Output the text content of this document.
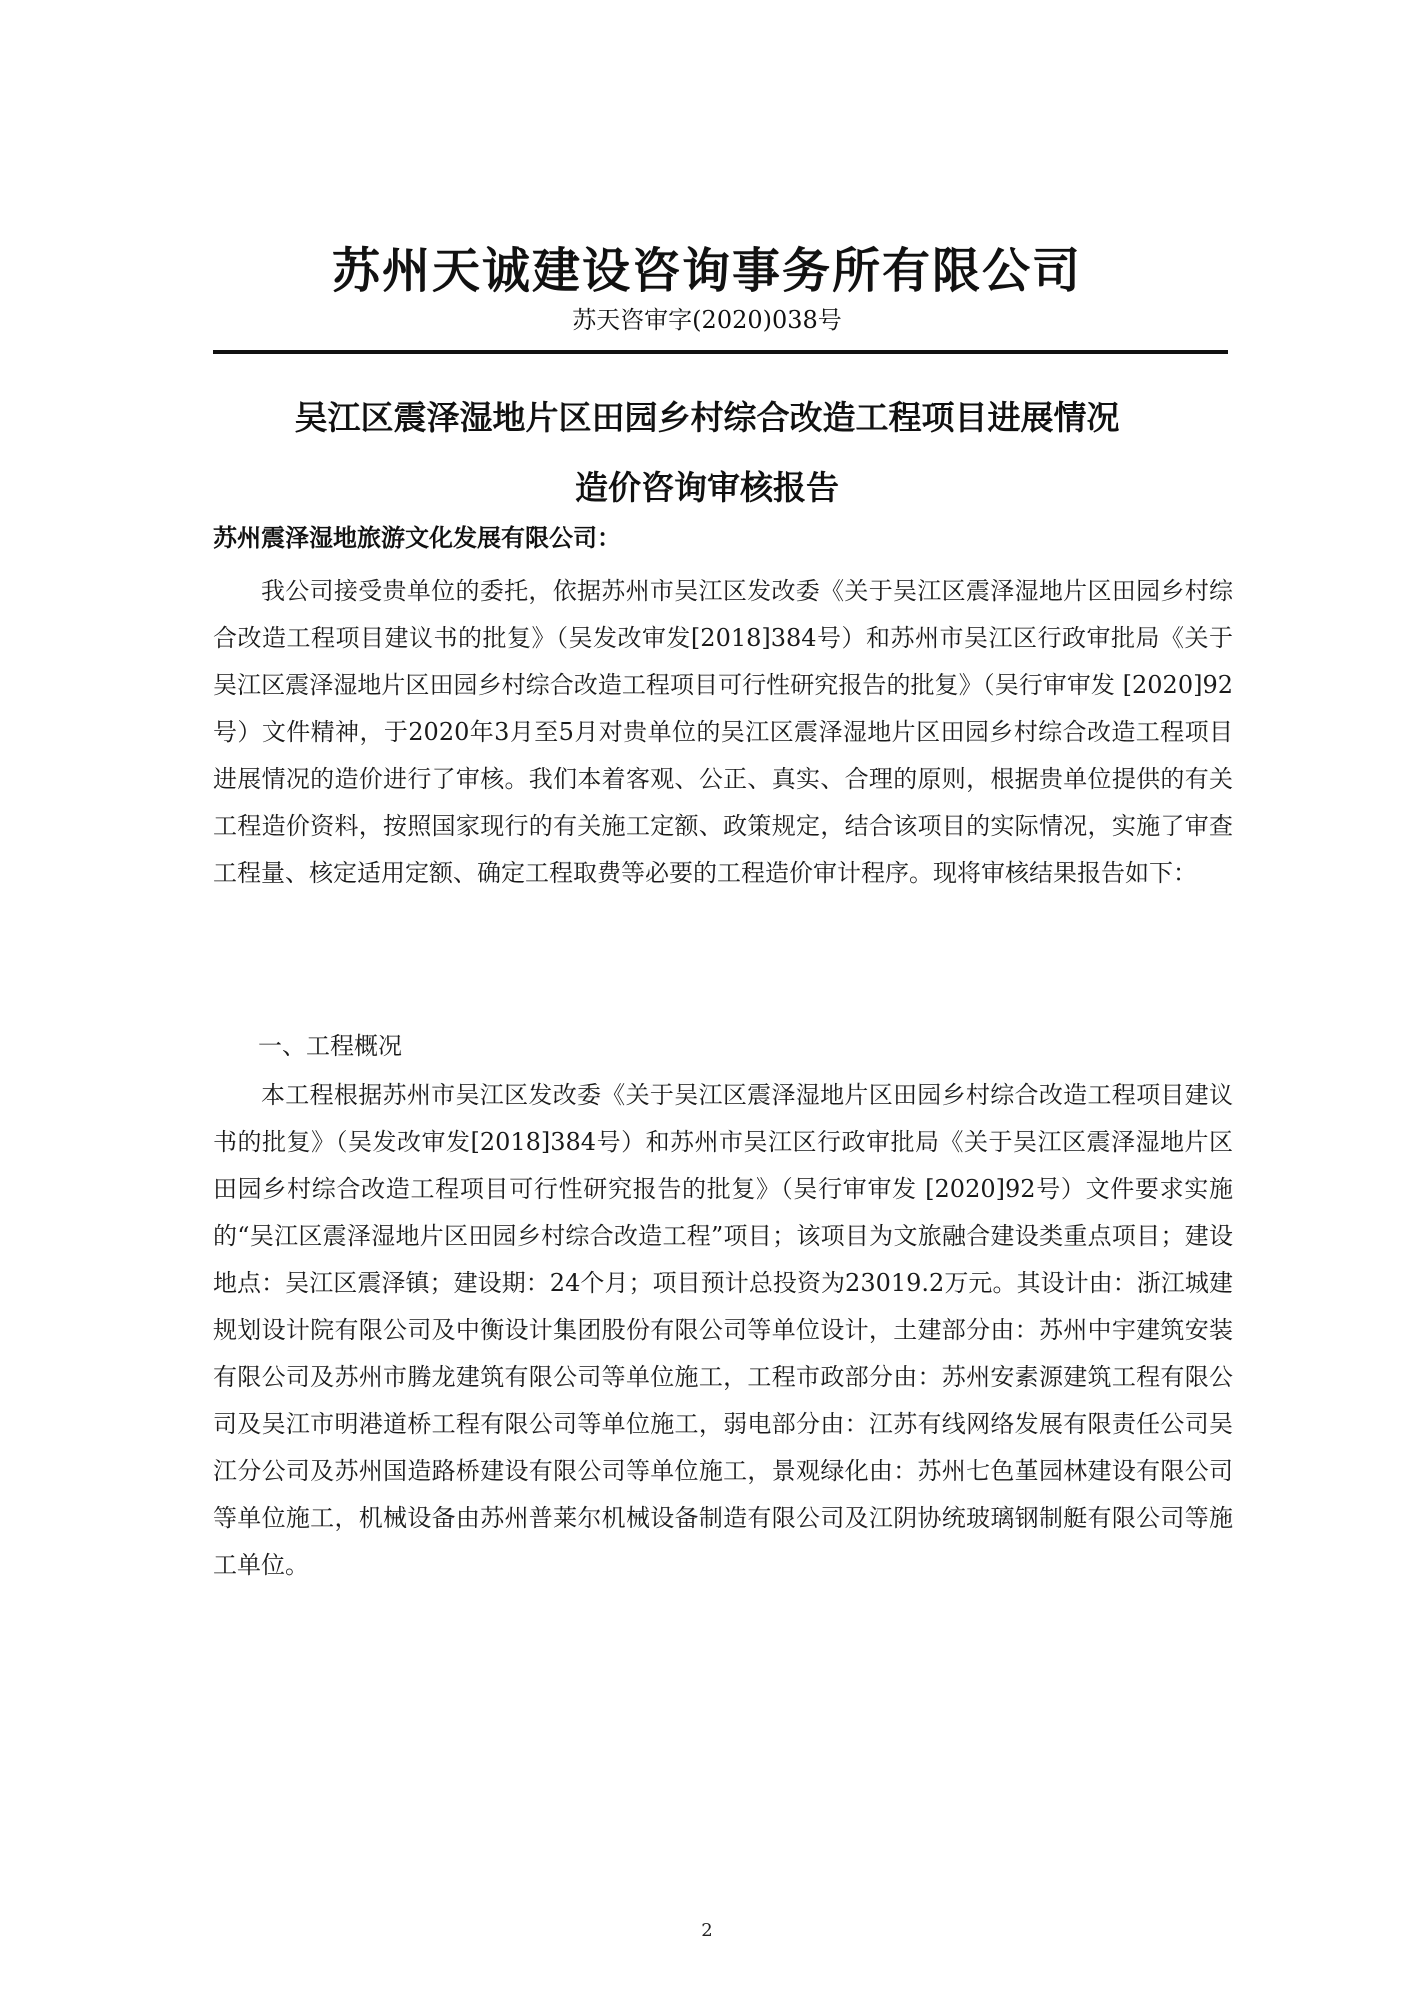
苏州天诚建设咨询事务所有限公司
苏天咨审字(2020)038号
吴江区震泽湿地片区田园乡村综合改造工程项目进展情况
造价咨询审核报告
苏州震泽湿地旅游文化发展有限公司：

我公司接受贵单位的委托，依据苏州市吴江区发改委《关于吴江区震泽湿地片区田园乡村综合改造工程项目建议书的批复》（吴发改审发[2018]384号）和苏州市吴江区行政审批局《关于吴江区震泽湿地片区田园乡村综合改造工程项目可行性研究报告的批复》（吴行审审发 [2020]92号）文件精神，于2020年3月至5月对贵单位的吴江区震泽湿地片区田园乡村综合改造工程项目进展情况的造价进行了审核。我们本着客观、公正、真实、合理的原则，根据贵单位提供的有关工程造价资料，按照国家现行的有关施工定额、政策规定，结合该项目的实际情况，实施了审查工程量、核定适用定额、确定工程取费等必要的工程造价审计程序。现将审核结果报告如下：

一、工程概况

本工程根据苏州市吴江区发改委《关于吴江区震泽湿地片区田园乡村综合改造工程项目建议书的批复》（吴发改审发[2018]384号）和苏州市吴江区行政审批局《关于吴江区震泽湿地片区田园乡村综合改造工程项目可行性研究报告的批复》（吴行审审发 [2020]92号）文件要求实施的“吴江区震泽湿地片区田园乡村综合改造工程”项目；该项目为文旅融合建设类重点项目；建设地点：吴江区震泽镇；建设期：24个月；项目预计总投资为23019.2万元。其设计由：浙江城建规划设计院有限公司及中衡设计集团股份有限公司等单位设计，土建部分由：苏州中宇建筑安装有限公司及苏州市腾龙建筑有限公司等单位施工，工程市政部分由：苏州安素源建筑工程有限公司及吴江市明港道桥工程有限公司等单位施工，弱电部分由：江苏有线网络发展有限责任公司吴江分公司及苏州国造路桥建设有限公司等单位施工，景观绿化由：苏州七色堇园林建设有限公司等单位施工，机械设备由苏州普莱尔机械设备制造有限公司及江阴协统玻璃钢制艇有限公司等施工单位。

2
